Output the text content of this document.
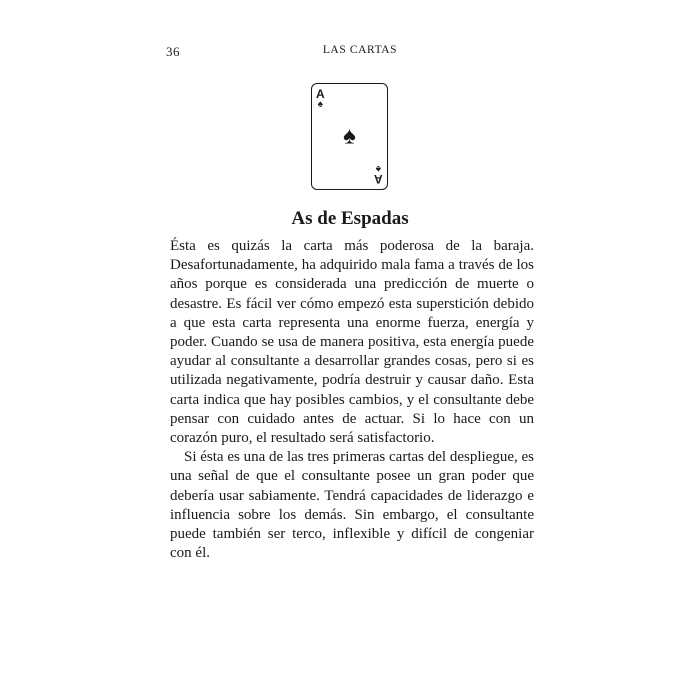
36	LAS CARTAS
A
♠
♠
A
♠
As de Espadas

Ésta es quizás la carta más poderosa de la baraja. Desafortunadamente, ha adquirido mala fama a través de los años porque es considerada una predicción de muerte o desastre. Es fácil ver cómo empezó esta superstición debido a que esta carta representa una enorme fuerza, energía y poder. Cuando se usa de manera positiva, esta energía puede ayudar al consultante a desarrollar grandes cosas, pero si es utilizada negativamente, podría destruir y causar daño. Esta carta indica que hay posibles cambios, y el consultante debe pensar con cuidado antes de actuar. Si lo hace con un corazón puro, el resultado será satisfactorio.

Si ésta es una de las tres primeras cartas del despliegue, es una señal de que el consultante posee un gran poder que debería usar sabiamente. Tendrá capacidades de liderazgo e influencia sobre los demás. Sin embargo, el consultante puede también ser terco, inflexible y difícil de congeniar con él.
